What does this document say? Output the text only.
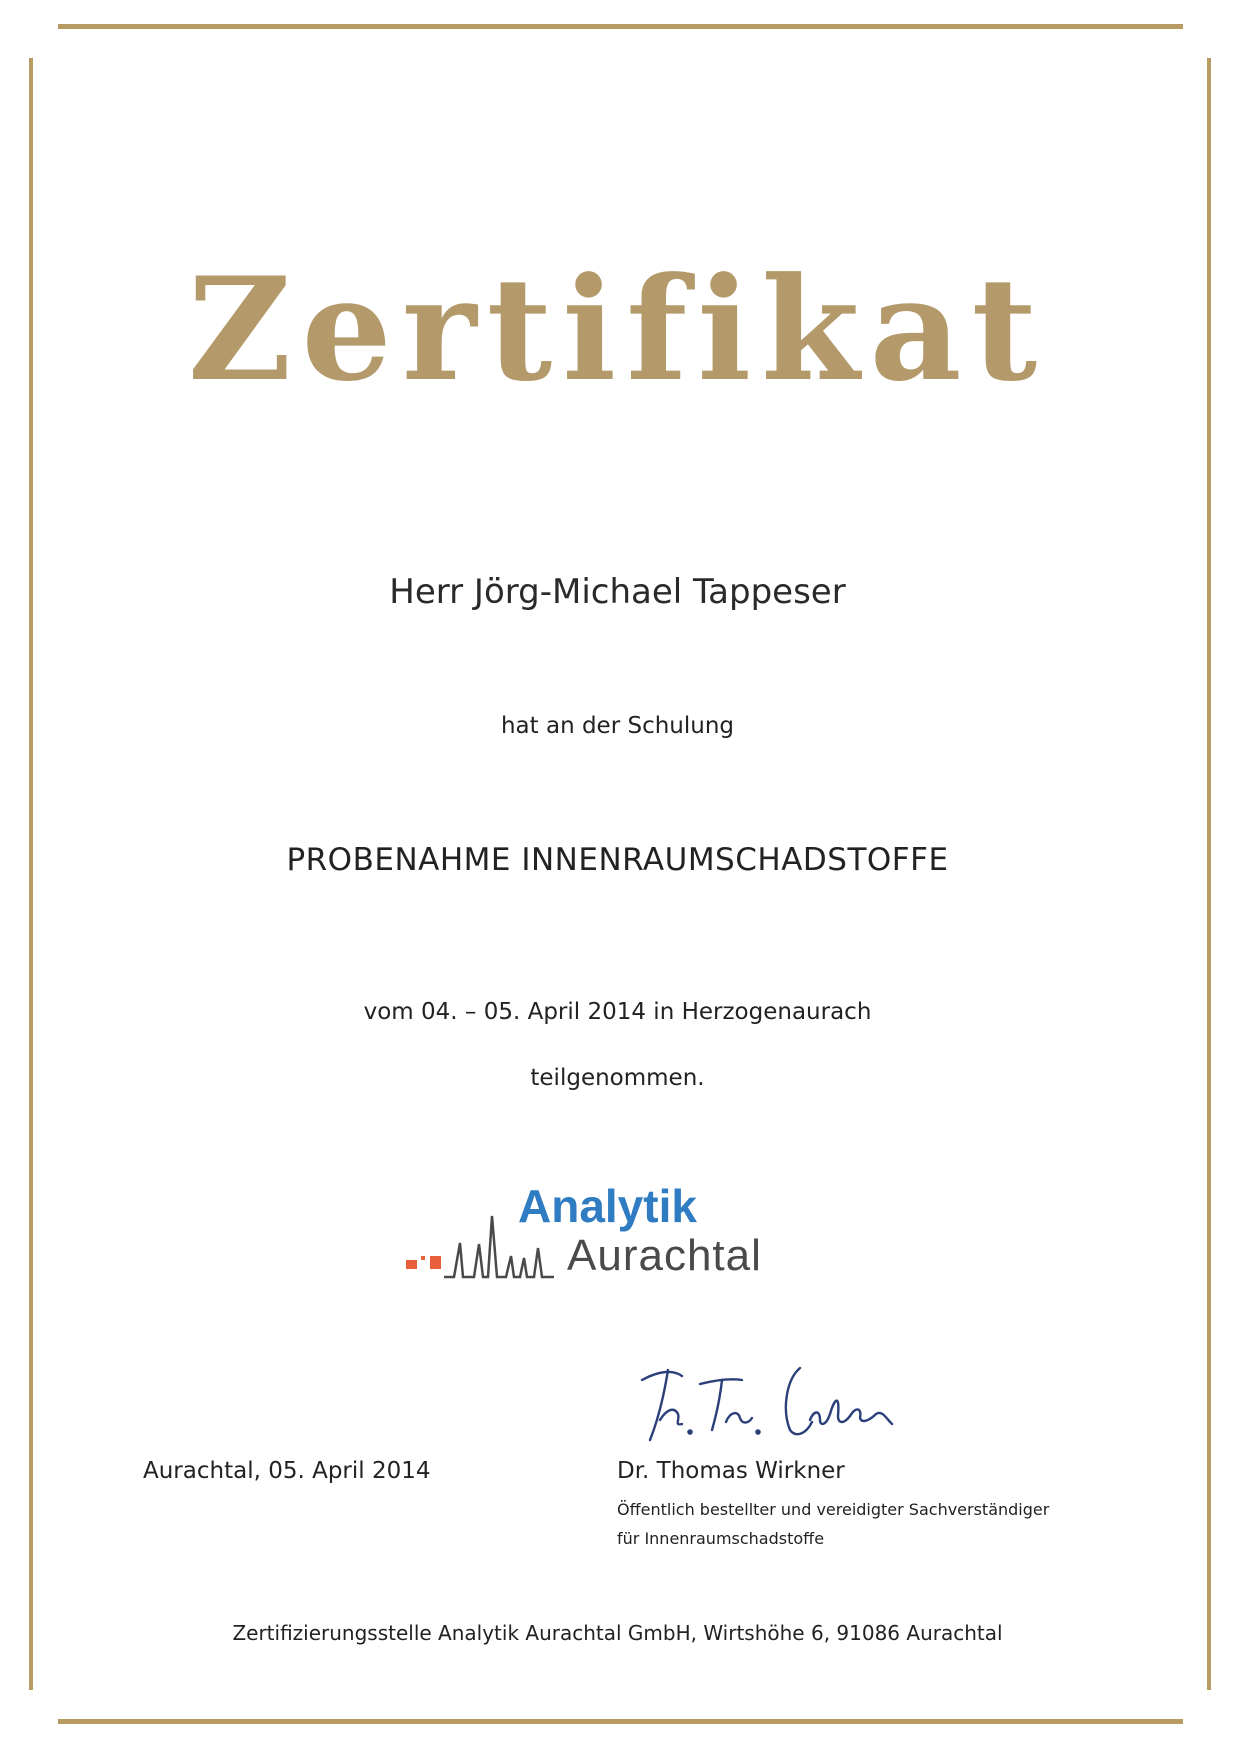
Zertifikat
Herr Jörg-Michael Tappeser
hat an der Schulung
PROBENAHME INNENRAUMSCHADSTOFFE
vom 04. – 05. April 2014 in Herzogenaurach
teilgenommen.
Analytik
Aurachtal
Aurachtal, 05. April 2014	Dr. Thomas Wirkner
Öffentlich bestellter und vereidigter Sachverständiger
für Innenraumschadstoffe
Zertifizierungsstelle Analytik Aurachtal GmbH, Wirtshöhe 6, 91086 Aurachtal
